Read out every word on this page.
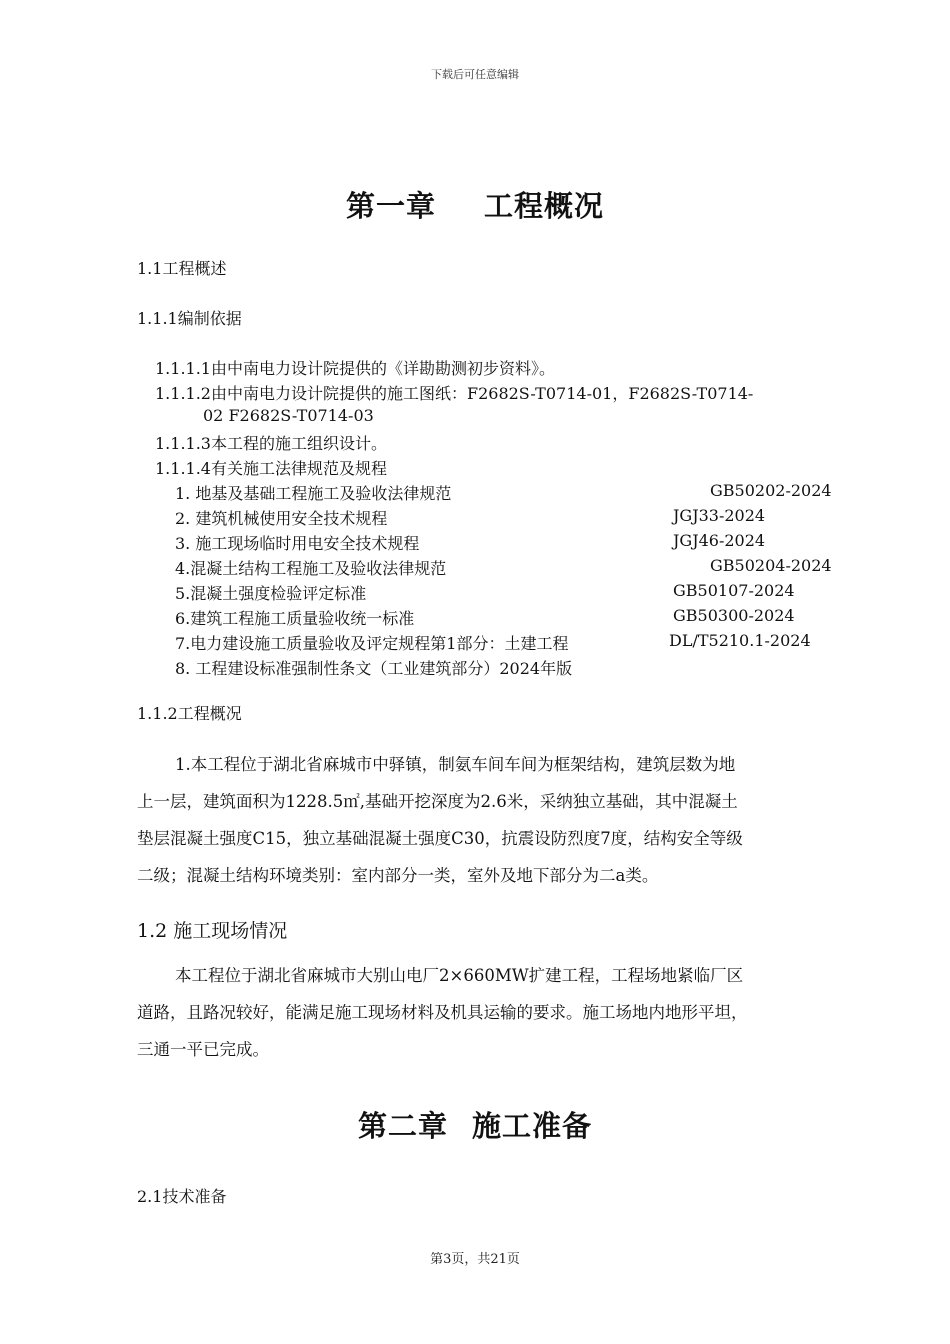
下载后可任意编辑
第一章 工程概况
1.1工程概述
1.1.1编制依据
1.1.1.1由中南电力设计院提供的《详勘勘测初步资料》。
1.1.1.2由中南电力设计院提供的施工图纸：F2682S-T0714-01，F2682S-T0714-
02 F2682S-T0714-03
1.1.1.3本工程的施工组织设计。
1.1.1.4有关施工法律规范及规程
1. 地基及基础工程施工及验收法律规范	GB50202-2024
2. 建筑机械使用安全技术规程	JGJ33-2024
3. 施工现场临时用电安全技术规程	JGJ46-2024
4.混凝土结构工程施工及验收法律规范	GB50204-2024
5.混凝土强度检验评定标准	GB50107-2024
6.建筑工程施工质量验收统一标准	GB50300-2024
7.电力建设施工质量验收及评定规程第1部分：土建工程	DL/T5210.1-2024
8. 工程建设标准强制性条文（工业建筑部分）2024年版
1.1.2工程概况
1.本工程位于湖北省麻城市中驿镇，制氨车间车间为框架结构，建筑层数为地
上一层，建筑面积为1228.5㎡,基础开挖深度为2.6米，采纳独立基础，其中混凝土
垫层混凝土强度C15，独立基础混凝土强度C30，抗震设防烈度7度，结构安全等级
二级；混凝土结构环境类别：室内部分一类，室外及地下部分为二a类。
1.2 施工现场情况
本工程位于湖北省麻城市大别山电厂2×660MW扩建工程，工程场地紧临厂区
道路，且路况较好，能满足施工现场材料及机具运输的要求。施工场地内地形平坦，
三通一平已完成。
第二章 施工准备
2.1技术准备
第3页，共21页
